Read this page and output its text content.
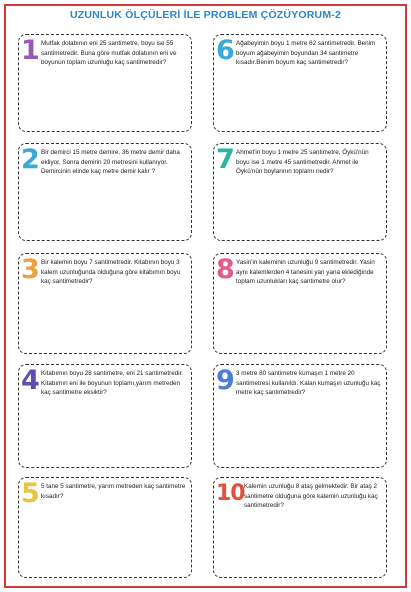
UZUNLUK ÖLÇÜLERİ İLE PROBLEM ÇÖZÜYORUM-2
1 Mutfak dolabının eni 25 santimetre, boyu ise 55 santimetredir. Buna göre mutfak dolabının eni ve boyunun toplam uzunluğu kaç santimetredir?
2 Bir demirci 15 metre demire, 36 metre demir daha ekliyor. Sonra demirin 20 metresini kullanıyor. Demircinin elinde kaç metre demir kalır ?
3 Bir kalemin boyu 7 santimetredir. Kitabının boyu 3 kalem uzunluğunda olduğuna göre kitabımın boyu kaç santimetredir?
4 Kitabımın boyu 28 santimetre, eni 21 santimetredir. Kitabımın eni ile boyunun toplamı,yarım metreden kaç santimetre eksiktir?
5 5 tane 5 santimetre, yarım metreden kaç santimetre kısadır?
6 Ağabeyimin boyu 1 metre 62 santimetredir. Benim boyum ağabeyimin boyundan 34 santimetre kısadır.Benim boyum kaç santimetredir?
7 Ahmet'in boyu 1 metre 25 santimetre, Öykü'nün boyu ise 1 metre 45 santimetredir. Ahmet ile Öykü'nün boylarının toplamı nedir?
8 Yasin'in kaleminin uzunluğu 9 santimetredir. Yasin aynı kalemlerden 4 tanesini yan yana eklediğinde toplam uzunlukları kaç santimetre olur?
9 3 metre 80 santimetre kumaşın 1 metre 20 santimetresi kullanıldı. Kalan kumaşın uzunluğu kaç metre kaç santimetredir?
10 Kalemin uzunluğu 8 ataş gelmektedir. Bir ataş 2 santimetre olduğuna göre kalemin uzunluğu kaç santimetredir?
